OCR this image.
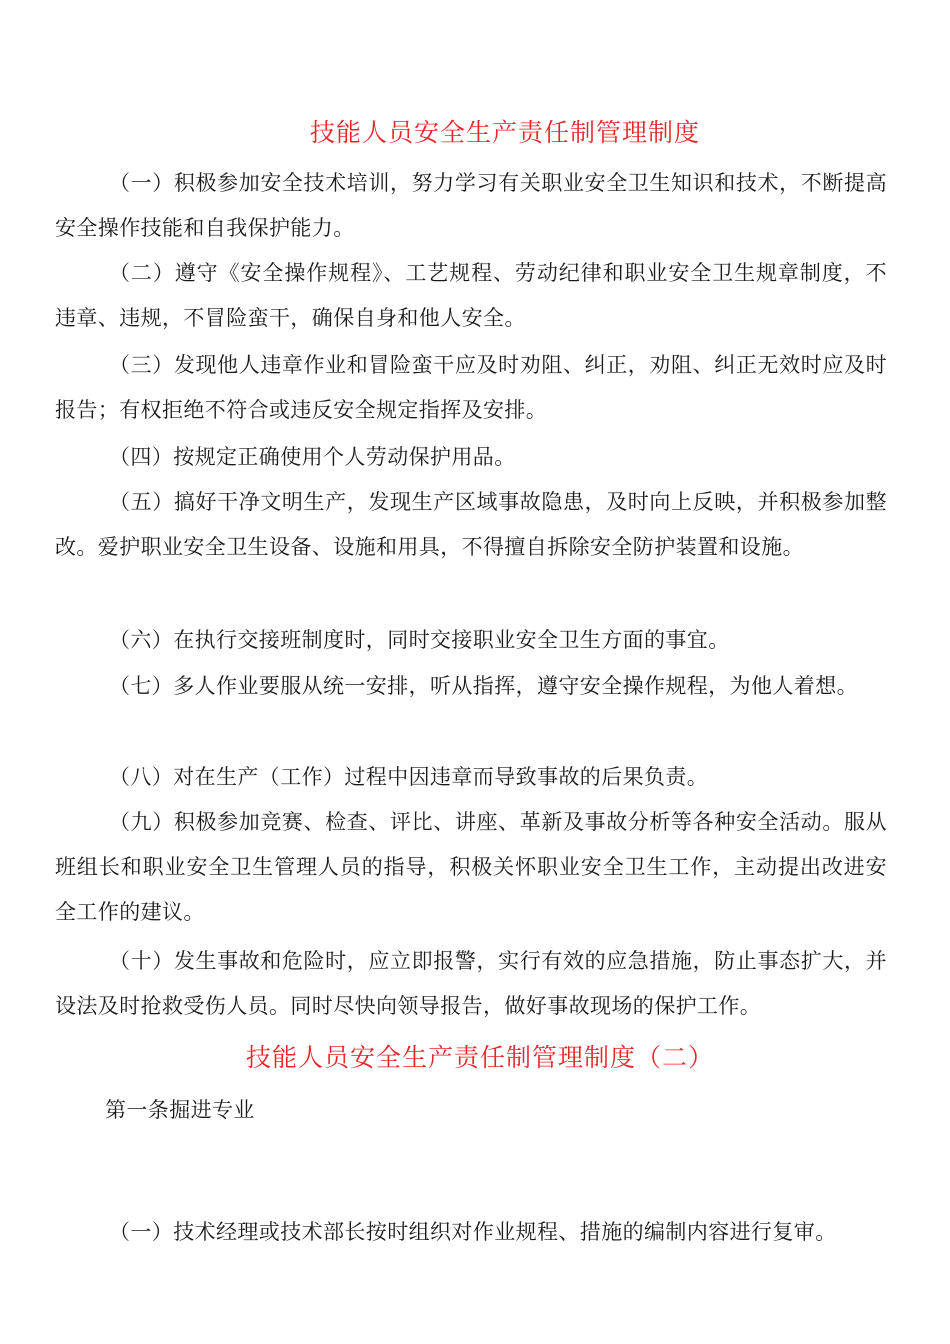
技能人员安全生产责任制管理制度

（一）积极参加安全技术培训，努力学习有关职业安全卫生知识和技术，不断提高安全操作技能和自我保护能力。

（二）遵守《安全操作规程》、工艺规程、劳动纪律和职业安全卫生规章制度，不违章、违规，不冒险蛮干，确保自身和他人安全。

（三）发现他人违章作业和冒险蛮干应及时劝阻、纠正，劝阻、纠正无效时应及时报告；有权拒绝不符合或违反安全规定指挥及安排。

（四）按规定正确使用个人劳动保护用品。

（五）搞好干净文明生产，发现生产区域事故隐患，及时向上反映，并积极参加整改。爱护职业安全卫生设备、设施和用具，不得擅自拆除安全防护装置和设施。

（六）在执行交接班制度时，同时交接职业安全卫生方面的事宜。

（七）多人作业要服从统一安排，听从指挥，遵守安全操作规程，为他人着想。

（八）对在生产（工作）过程中因违章而导致事故的后果负责。

（九）积极参加竞赛、检查、评比、讲座、革新及事故分析等各种安全活动。服从班组长和职业安全卫生管理人员的指导，积极关怀职业安全卫生工作，主动提出改进安全工作的建议。

（十）发生事故和危险时，应立即报警，实行有效的应急措施，防止事态扩大，并设法及时抢救受伤人员。同时尽快向领导报告，做好事故现场的保护工作。

技能人员安全生产责任制管理制度（二）
第一条掘进专业

（一）技术经理或技术部长按时组织对作业规程、措施的编制内容进行复审。
